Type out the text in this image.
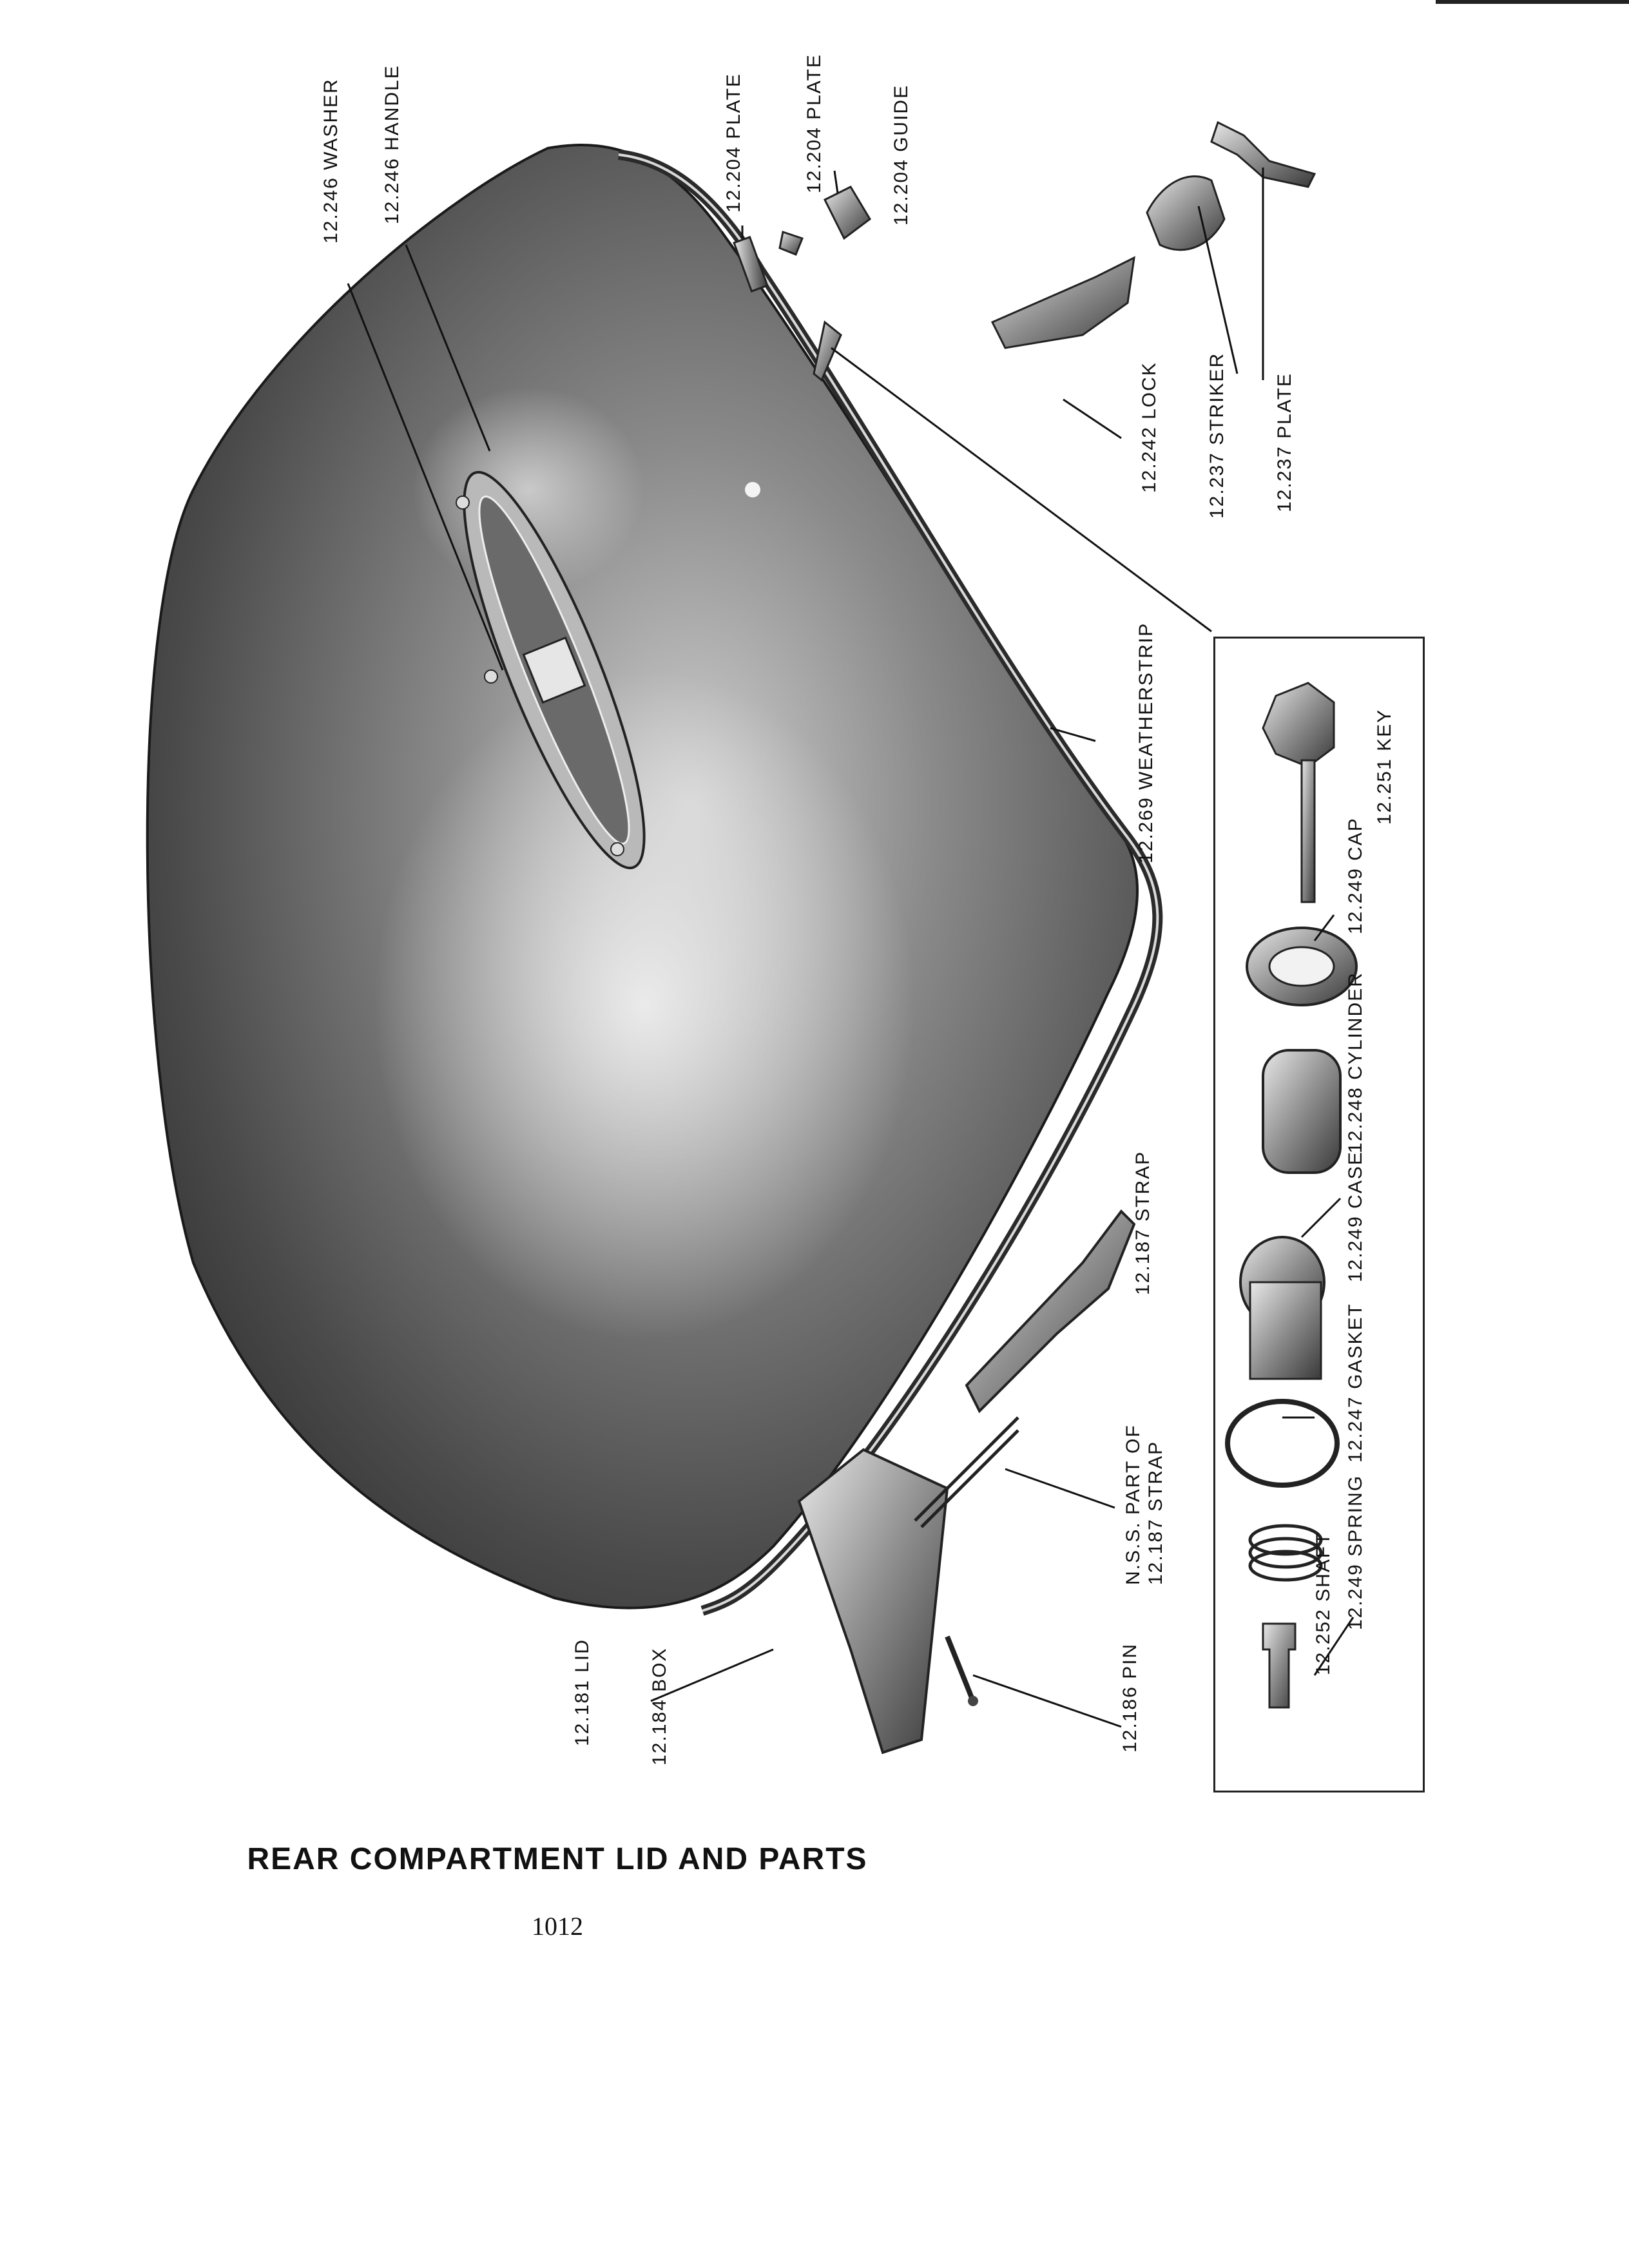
12.246 WASHER 12.246 HANDLE	12.204 PLATE	12.204 PLATE	12.204 GUIDE
12.242 LOCK 12.237 STRIKER 12.237 PLATE
12.269 WEATHERSTRIP	12.251 KEY
12.249 CAP
12.248 CYLINDER
12.249 CASE
12.187 STRAP
12.247 GASKET
N.S.S. PART OF 12.187 STRAP	12.249 SPRING
12.252 SHAFT
12.181 LID	12.184 BOX	12.186 PIN
REAR COMPARTMENT LID AND PARTS
1012
